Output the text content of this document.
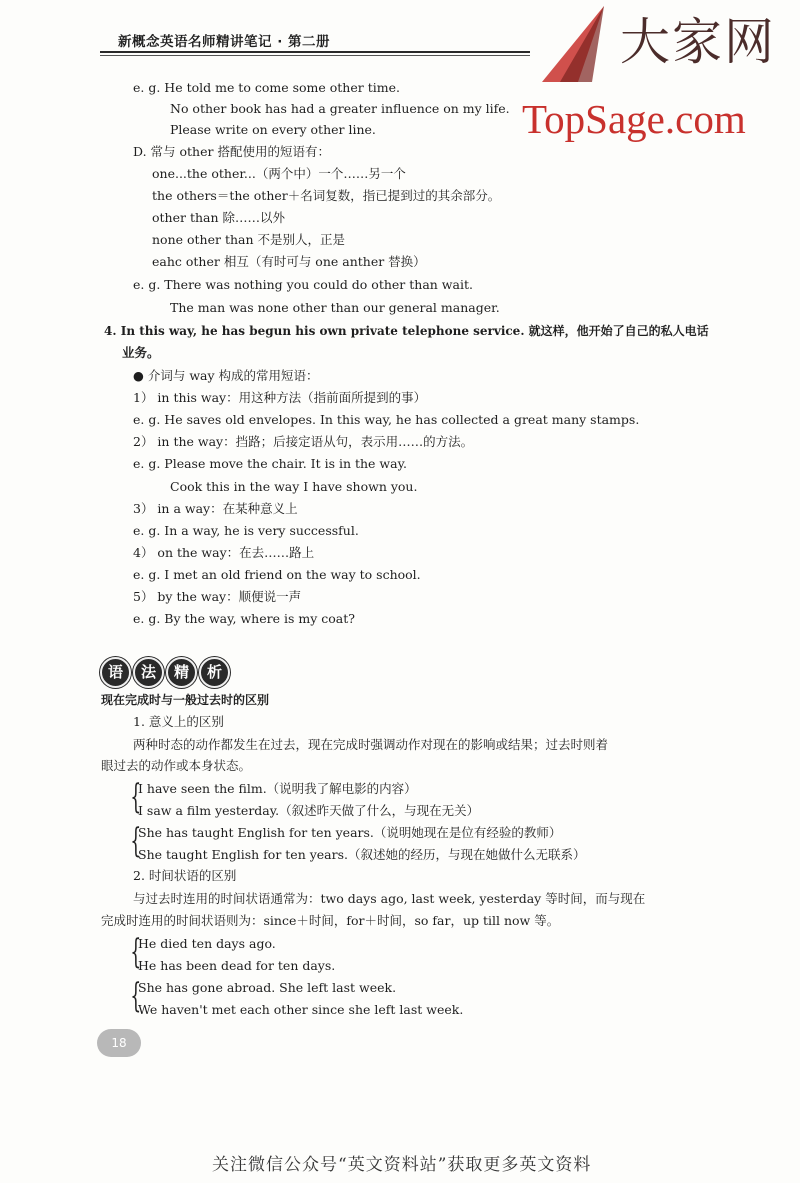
新概念英语名师精讲笔记 · 第二册	大家网
TopSage.com
e. g. He told me to come some other time.
No other book has had a greater influence on my life.
Please write on every other line.
D. 常与 other 搭配使用的短语有：
one...the other...（两个中）一个……另一个
the others＝the other＋名词复数，指已提到过的其余部分。
other than 除……以外
none other than 不是别人，正是
eahc other 相互（有时可与 one anther 替换）
e. g. There was nothing you could do other than wait.
The man was none other than our general manager.
4. In this way, he has begun his own private telephone service. 就这样，他开始了自己的私人电话
业务。
● 介词与 way 构成的常用短语：
1） in this way：用这种方法（指前面所提到的事）
e. g. He saves old envelopes. In this way, he has collected a great many stamps.
2） in the way：挡路；后接定语从句，表示用……的方法。
e. g. Please move the chair. It is in the way.
Cook this in the way I have shown you.
3） in a way：在某种意义上
e. g. In a way, he is very successful.
4） on the way：在去……路上
e. g. I met an old friend on the way to school.
5） by the way：顺便说一声
e. g. By the way, where is my coat?
语	法	精	析
现在完成时与一般过去时的区别
1. 意义上的区别
两种时态的动作都发生在过去，现在完成时强调动作对现在的影响或结果；过去时则着
眼过去的动作或本身状态。
{
I have seen the film.（说明我了解电影的内容）
I saw a film yesterday.（叙述昨天做了什么，与现在无关）
{
She has taught English for ten years.（说明她现在是位有经验的教师）
She taught English for ten years.（叙述她的经历，与现在她做什么无联系）
2. 时间状语的区别
与过去时连用的时间状语通常为：two days ago, last week, yesterday 等时间，而与现在
完成时连用的时间状语则为：since＋时间，for＋时间，so far，up till now 等。
{
He died ten days ago.
He has been dead for ten days.
{
She has gone abroad. She left last week.
We haven't met each other since she left last week.
18
关注微信公众号“英文资料站”获取更多英文资料
